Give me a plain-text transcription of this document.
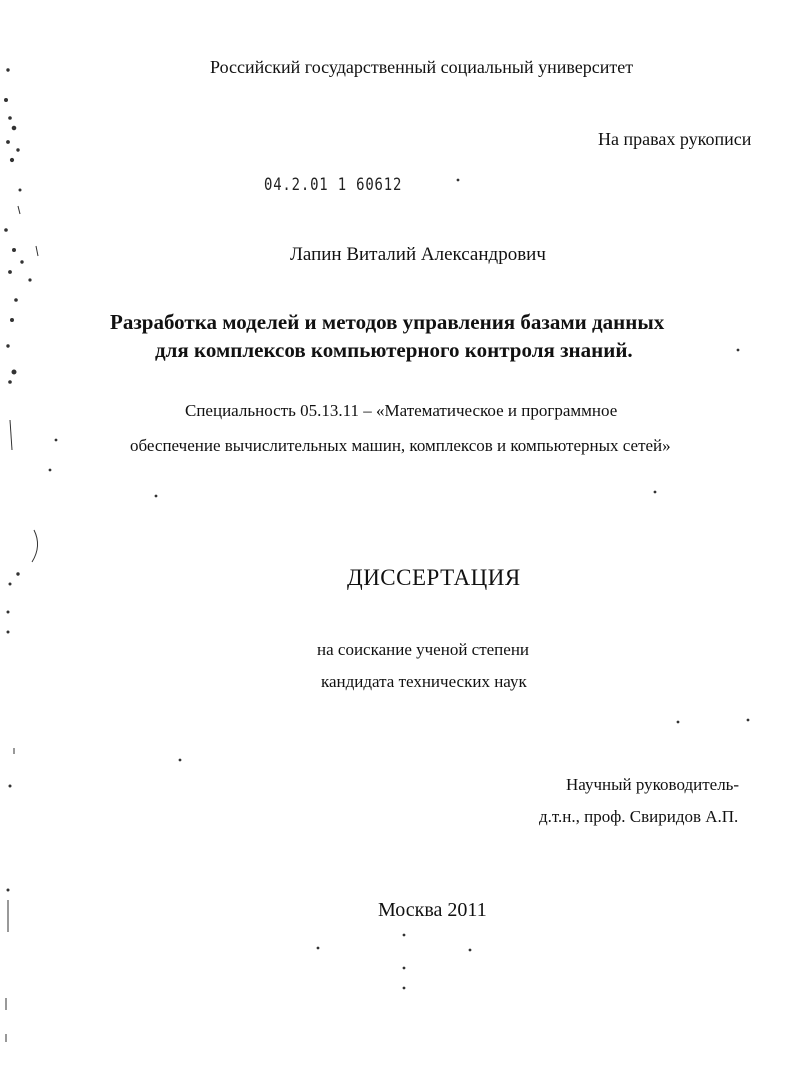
Российский государственный социальный университет
На правах рукописи
04.2.01 1 60612
Лапин Виталий Александрович
Разработка моделей и методов управления базами данных
для комплексов компьютерного контроля знаний.
Специальность 05.13.11 – «Математическое и программное
обеспечение вычислительных машин, комплексов и компьютерных сетей»
ДИССЕРТАЦИЯ
на соискание ученой степени
кандидата технических наук
Научный руководитель-
д.т.н., проф. Свиридов А.П.
Москва 2011
